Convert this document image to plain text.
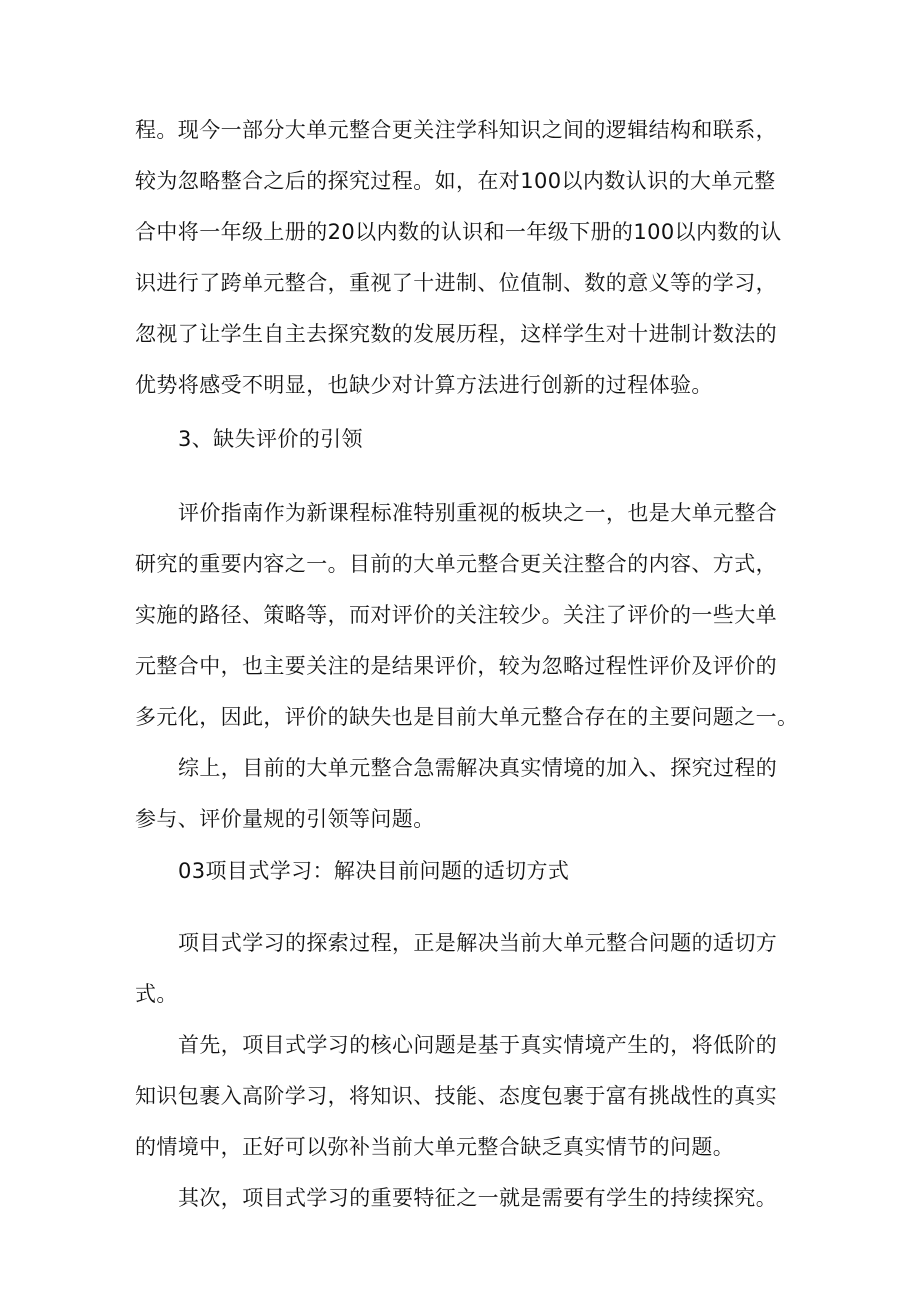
程。现今一部分大单元整合更关注学科知识之间的逻辑结构和联系，
较为忽略整合之后的探究过程。如，在对100以内数认识的大单元整
合中将一年级上册的20以内数的认识和一年级下册的100以内数的认
识进行了跨单元整合，重视了十进制、位值制、数的意义等的学习，
忽视了让学生自主去探究数的发展历程，这样学生对十进制计数法的
优势将感受不明显，也缺少对计算方法进行创新的过程体验。
3、缺失评价的引领
评价指南作为新课程标准特别重视的板块之一，也是大单元整合
研究的重要内容之一。目前的大单元整合更关注整合的内容、方式，
实施的路径、策略等，而对评价的关注较少。关注了评价的一些大单
元整合中，也主要关注的是结果评价，较为忽略过程性评价及评价的
多元化，因此，评价的缺失也是目前大单元整合存在的主要问题之一。
综上，目前的大单元整合急需解决真实情境的加入、探究过程的
参与、评价量规的引领等问题。
03项目式学习：解决目前问题的适切方式
项目式学习的探索过程，正是解决当前大单元整合问题的适切方
式。
首先，项目式学习的核心问题是基于真实情境产生的，将低阶的
知识包裹入高阶学习，将知识、技能、态度包裹于富有挑战性的真实
的情境中，正好可以弥补当前大单元整合缺乏真实情节的问题。
其次，项目式学习的重要特征之一就是需要有学生的持续探究。
